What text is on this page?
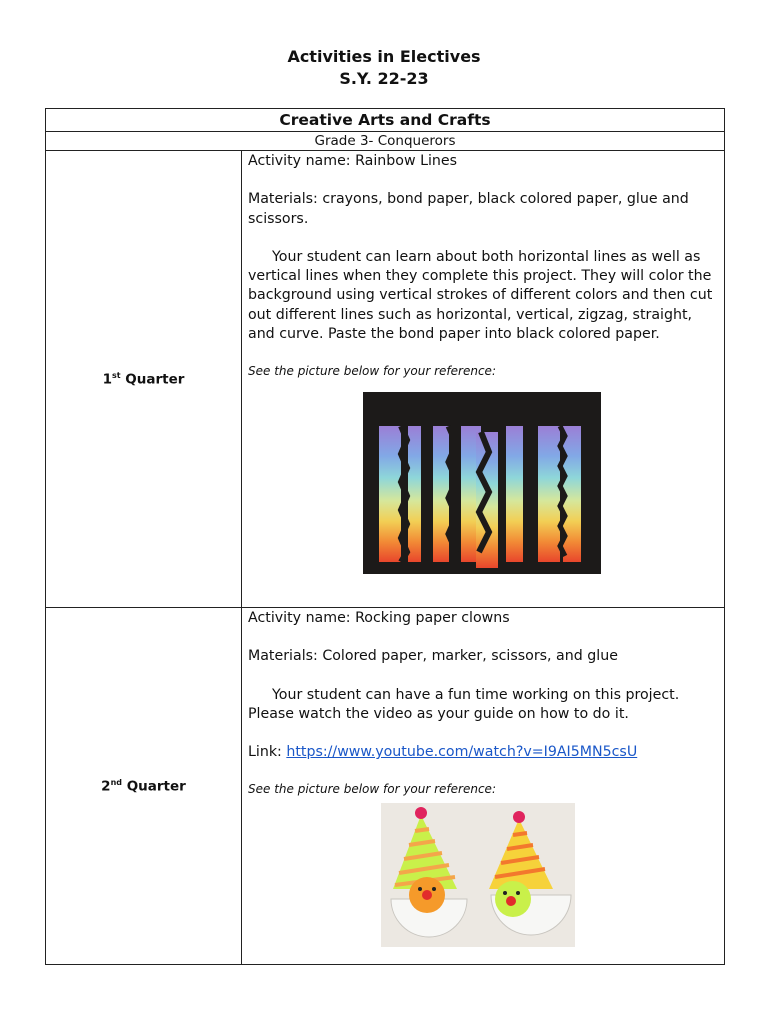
Activities in Electives
S.Y. 22-23
Creative Arts and Crafts	
Grade 3- Conquerors	
1st Quarter	Activity name: Rainbow Lines

Materials: crayons, bond paper, black colored paper, glue and scissors.

Your student can learn about both horizontal lines as well as vertical lines when they complete this project. They will color the background using vertical strokes of different colors and then cut out different lines such as horizontal, vertical, zigzag, straight, and curve. Paste the bond paper into black colored paper.

See the picture below for your reference:

2nd Quarter	Activity name: Rocking paper clowns

Materials: Colored paper, marker, scissors, and glue

Your student can have a fun time working on this project. Please watch the video as your guide on how to do it.

Link: https://www.youtube.com/watch?v=I9AI5MN5csU

See the picture below for your reference:
